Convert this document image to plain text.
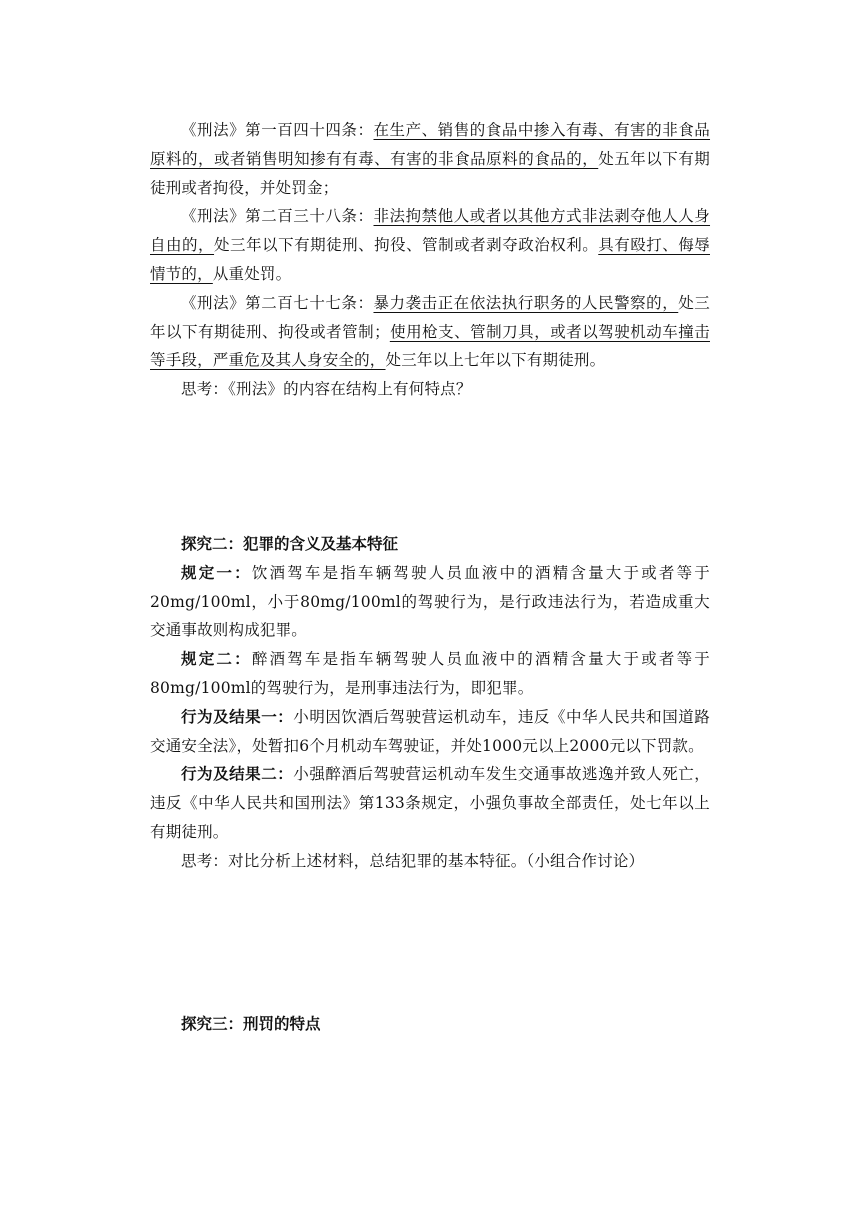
《刑法》第一百四十四条：在生产、销售的食品中掺入有毒、有害的非食品原料的，或者销售明知掺有有毒、有害的非食品原料的食品的，处五年以下有期徒刑或者拘役，并处罚金；

《刑法》第二百三十八条：非法拘禁他人或者以其他方式非法剥夺他人人身自由的，处三年以下有期徒刑、拘役、管制或者剥夺政治权利。具有殴打、侮辱情节的，从重处罚。

《刑法》第二百七十七条：暴力袭击正在依法执行职务的人民警察的，处三年以下有期徒刑、拘役或者管制；使用枪支、管制刀具，或者以驾驶机动车撞击等手段，严重危及其人身安全的，处三年以上七年以下有期徒刑。

思考：《刑法》的内容在结构上有何特点？

探究二：犯罪的含义及基本特征

规定一：饮酒驾车是指车辆驾驶人员血液中的酒精含量大于或者等于20mg/100ml，小于80mg/100ml的驾驶行为，是行政违法行为，若造成重大交通事故则构成犯罪。

规定二：醉酒驾车是指车辆驾驶人员血液中的酒精含量大于或者等于80mg/100ml的驾驶行为，是刑事违法行为，即犯罪。

行为及结果一：小明因饮酒后驾驶营运机动车，违反《中华人民共和国道路交通安全法》，处暂扣6个月机动车驾驶证，并处1000元以上2000元以下罚款。

行为及结果二：小强醉酒后驾驶营运机动车发生交通事故逃逸并致人死亡，违反《中华人民共和国刑法》第133条规定，小强负事故全部责任，处七年以上有期徒刑。

思考：对比分析上述材料，总结犯罪的基本特征。（小组合作讨论）

探究三：刑罚的特点
